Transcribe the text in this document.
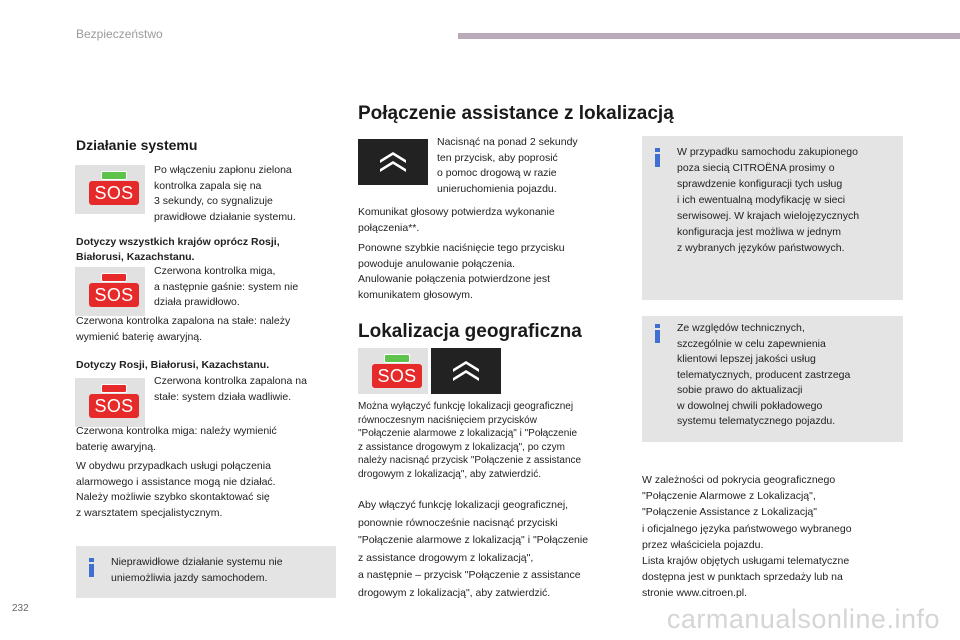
Bezpieczeństwo
Działanie systemu
SOS
Po włączeniu zapłonu zielona
kontrolka zapala się na
3 sekundy, co sygnalizuje
prawidłowe działanie systemu.
Dotyczy wszystkich krajów oprócz Rosji,
Białorusi, Kazachstanu.
SOS
Czerwona kontrolka miga,
a następnie gaśnie: system nie
działa prawidłowo.
Czerwona kontrolka zapalona na stałe: należy
wymienić baterię awaryjną.
Dotyczy Rosji, Białorusi, Kazachstanu.
SOS
Czerwona kontrolka zapalona na
stałe: system działa wadliwie.
Czerwona kontrolka miga: należy wymienić
baterię awaryjną.
W obydwu przypadkach usługi połączenia
alarmowego i assistance mogą nie działać.
Należy możliwie szybko skontaktować się
z warsztatem specjalistycznym.
Nieprawidłowe działanie systemu nie
uniemożliwia jazdy samochodem.
Połączenie assistance z lokalizacją
Nacisnąć na ponad 2 sekundy
ten przycisk, aby poprosić
o pomoc drogową w razie
unieruchomienia pojazdu.
Komunikat głosowy potwierdza wykonanie
połączenia**.
Ponowne szybkie naciśnięcie tego przycisku
powoduje anulowanie połączenia.
Anulowanie połączenia potwierdzone jest
komunikatem głosowym.
Lokalizacja geograficzna
SOS
Można wyłączyć funkcję lokalizacji geograficznej
równoczesnym naciśnięciem przycisków
"Połączenie alarmowe z lokalizacją" i "Połączenie
z assistance drogowym z lokalizacją", po czym
należy nacisnąć przycisk "Połączenie z assistance
drogowym z lokalizacją", aby zatwierdzić.
Aby włączyć funkcję lokalizacji geograficznej,
ponownie równocześnie nacisnąć przyciski
"Połączenie alarmowe z lokalizacją" i "Połączenie
z assistance drogowym z lokalizacją",
a następnie – przycisk "Połączenie z assistance
drogowym z lokalizacją", aby zatwierdzić.
W przypadku samochodu zakupionego
poza siecią CITROËNA prosimy o
sprawdzenie konfiguracji tych usług
i ich ewentualną modyfikację w sieci
serwisowej. W krajach wielojęzycznych
konfiguracja jest możliwa w jednym
z wybranych języków państwowych.
Ze względów technicznych,
szczególnie w celu zapewnienia
klientowi lepszej jakości usług
telematycznych, producent zastrzega
sobie prawo do aktualizacji
w dowolnej chwili pokładowego
systemu telematycznego pojazdu.
W zależności od pokrycia geograficznego
"Połączenie Alarmowe z Lokalizacją",
"Połączenie Assistance z Lokalizacją"
i oficjalnego języka państwowego wybranego
przez właściciela pojazdu.
Lista krajów objętych usługami telematyczne
dostępna jest w punktach sprzedaży lub na
stronie www.citroen.pl.
232	carmanualsonline.info
